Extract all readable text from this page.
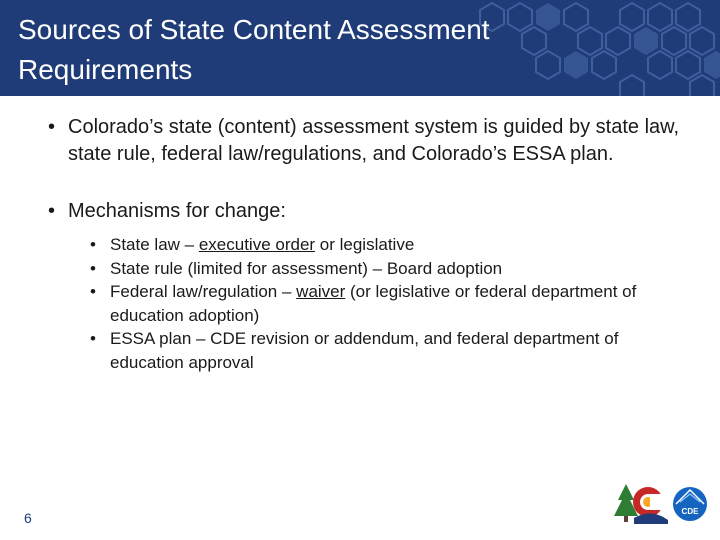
Sources of State Content Assessment Requirements

• Colorado’s state (content) assessment system is guided by state law, state rule, federal law/regulations, and Colorado’s ESSA plan.

• Mechanisms for change:

• State law – executive order or legislative

• State rule (limited for assessment) – Board adoption

• Federal law/regulation – waiver (or legislative or federal department of education adoption)

• ESSA plan – CDE revision or addendum, and federal department of education approval

6	CDE
